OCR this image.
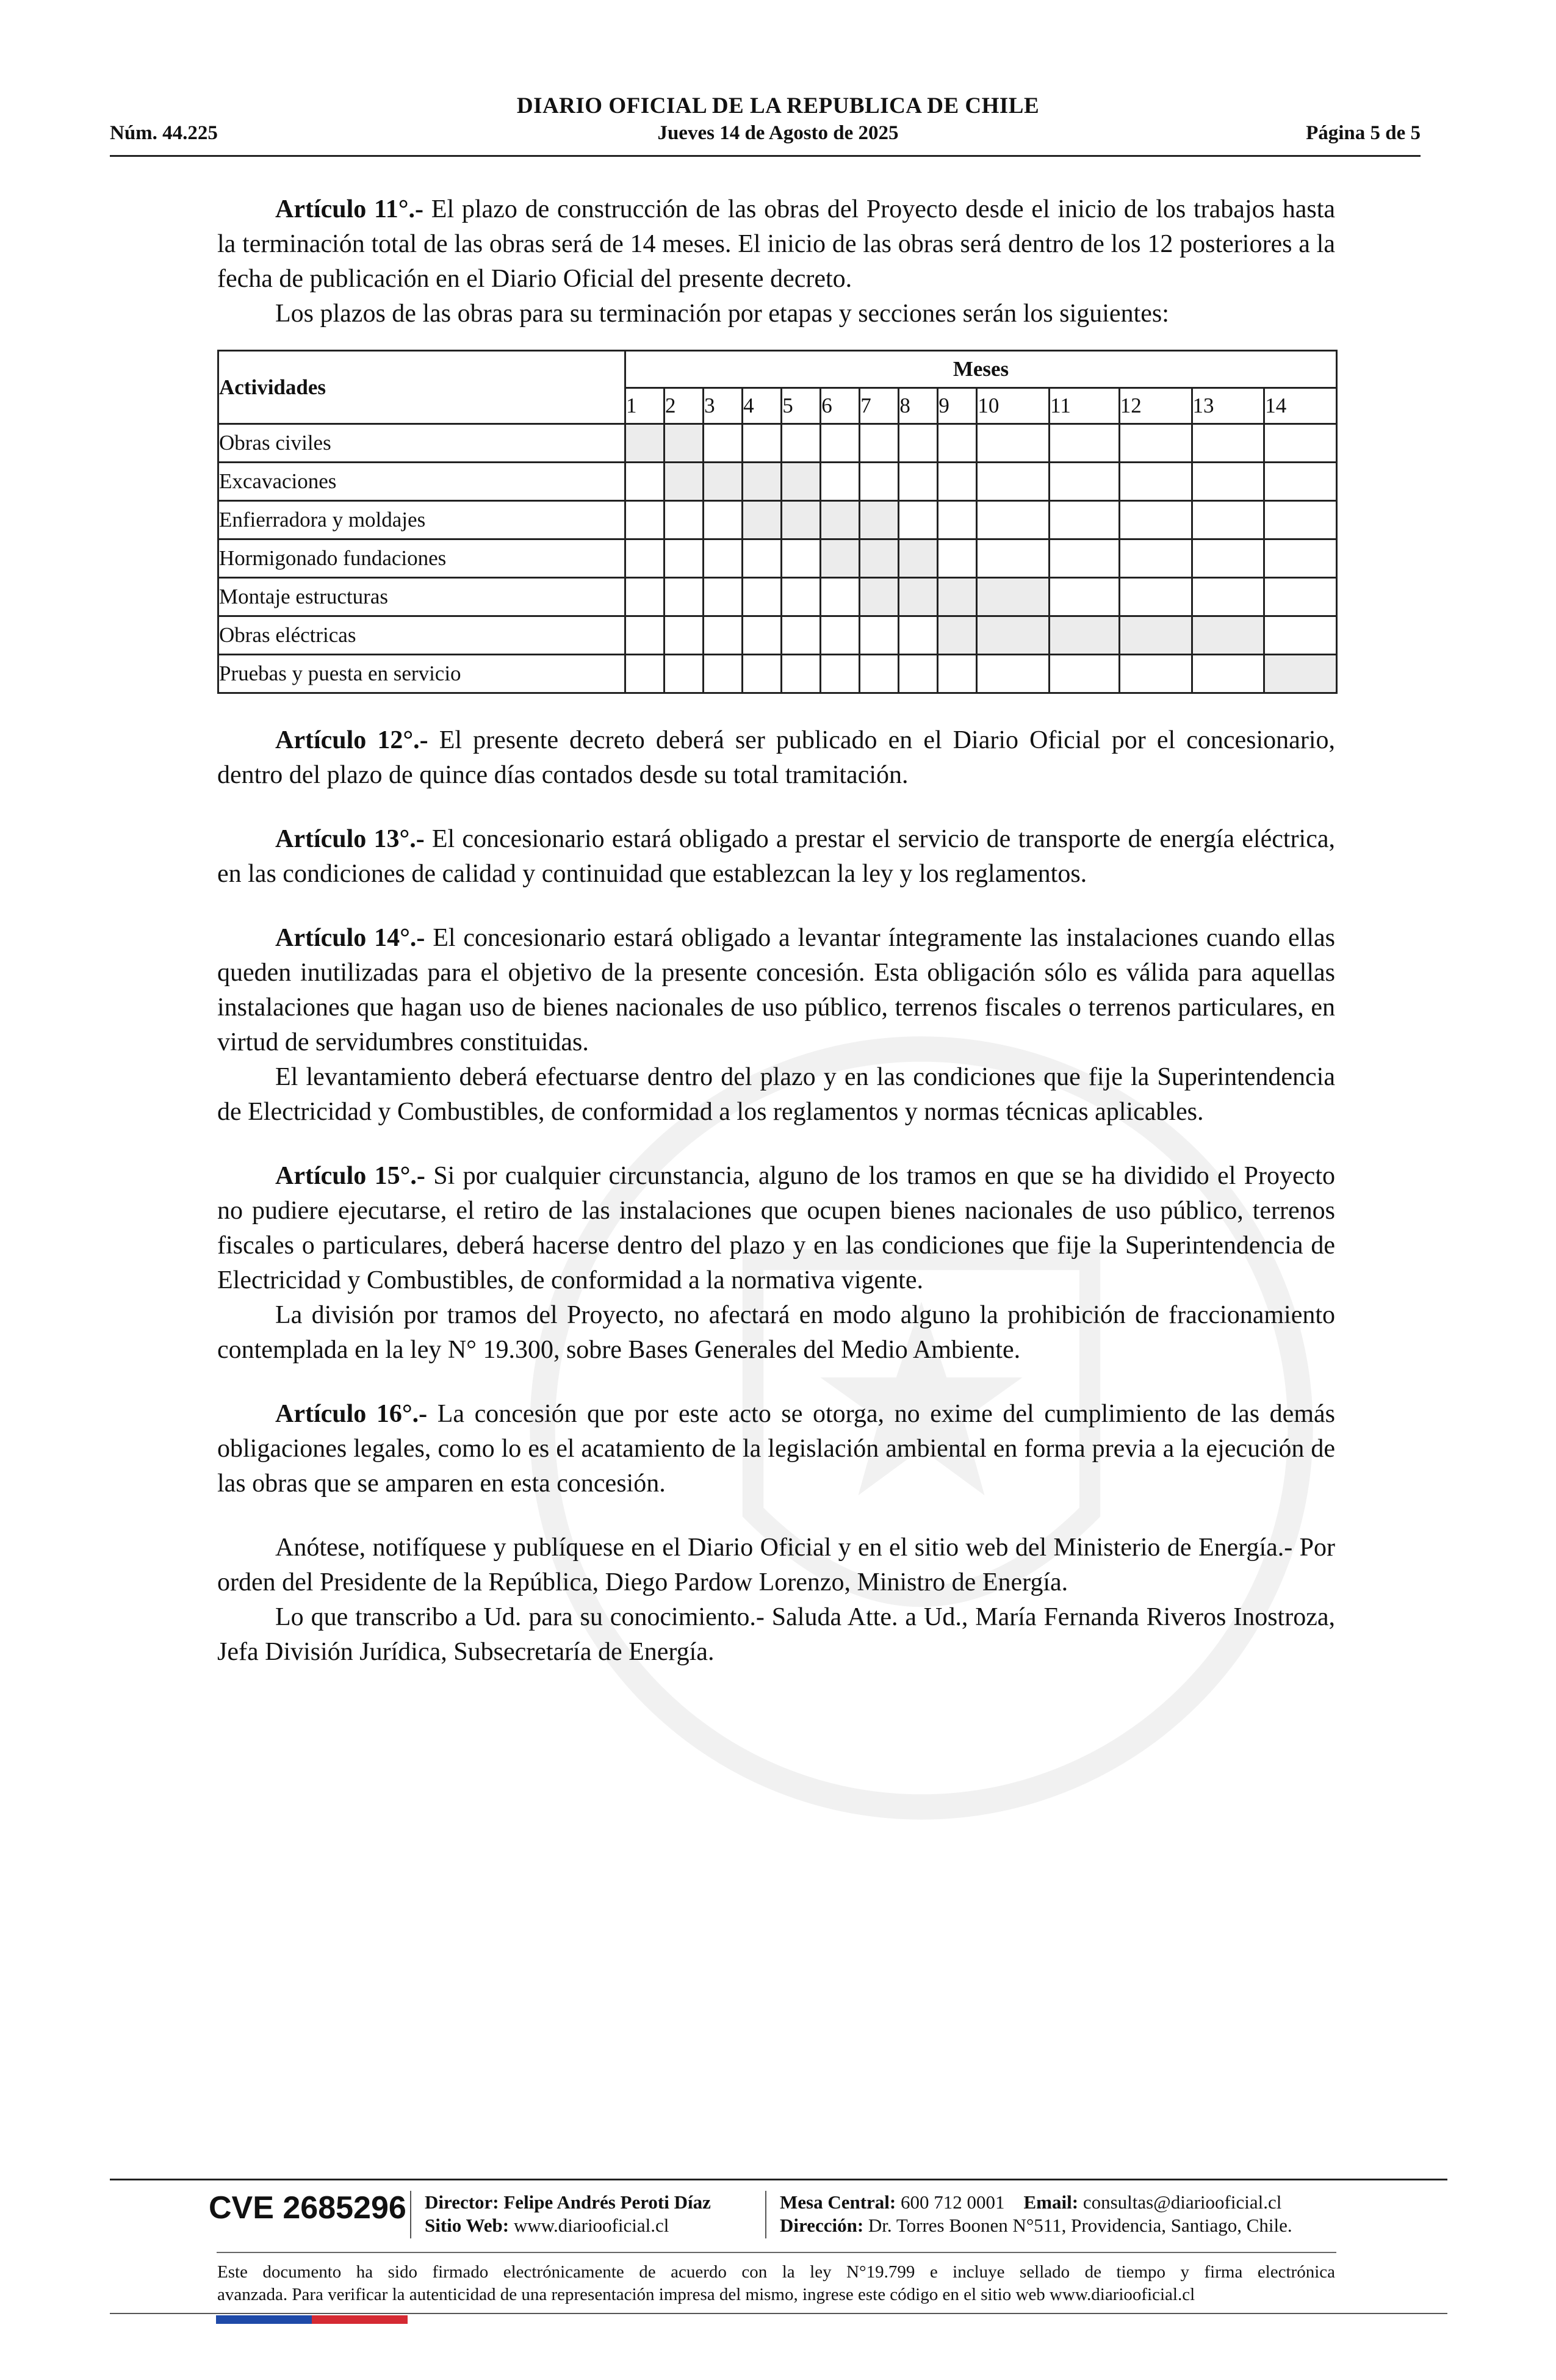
DIARIO OFICIAL DE LA REPUBLICA DE CHILE
Núm. 44.225	Jueves 14 de Agosto de 2025	Página 5 de 5

Artículo 11°.- El plazo de construcción de las obras del Proyecto desde el inicio de los trabajos hasta la terminación total de las obras será de 14 meses. El inicio de las obras será dentro de los 12 posteriores a la fecha de publicación en el Diario Oficial del presente decreto.

Los plazos de las obras para su terminación por etapas y secciones serán los siguientes:

Actividades	Meses													
	1	2	3	4	5	6	7	8	9	10	11	12	13	14
Obras civiles														
Excavaciones														
Enfierradora y moldajes														
Hormigonado fundaciones														
Montaje estructuras														
Obras eléctricas														
Pruebas y puesta en servicio														

Artículo 12°.- El presente decreto deberá ser publicado en el Diario Oficial por el concesionario, dentro del plazo de quince días contados desde su total tramitación.

Artículo 13°.- El concesionario estará obligado a prestar el servicio de transporte de energía eléctrica, en las condiciones de calidad y continuidad que establezcan la ley y los reglamentos.

Artículo 14°.- El concesionario estará obligado a levantar íntegramente las instalaciones cuando ellas queden inutilizadas para el objetivo de la presente concesión. Esta obligación sólo es válida para aquellas instalaciones que hagan uso de bienes nacionales de uso público, terrenos fiscales o terrenos particulares, en virtud de servidumbres constituidas.

El levantamiento deberá efectuarse dentro del plazo y en las condiciones que fije la Superintendencia de Electricidad y Combustibles, de conformidad a los reglamentos y normas técnicas aplicables.

Artículo 15°.- Si por cualquier circunstancia, alguno de los tramos en que se ha dividido el Proyecto no pudiere ejecutarse, el retiro de las instalaciones que ocupen bienes nacionales de uso público, terrenos fiscales o particulares, deberá hacerse dentro del plazo y en las condiciones que fije la Superintendencia de Electricidad y Combustibles, de conformidad a la normativa vigente.

La división por tramos del Proyecto, no afectará en modo alguno la prohibición de fraccionamiento contemplada en la ley N° 19.300, sobre Bases Generales del Medio Ambiente.

Artículo 16°.- La concesión que por este acto se otorga, no exime del cumplimiento de las demás obligaciones legales, como lo es el acatamiento de la legislación ambiental en forma previa a la ejecución de las obras que se amparen en esta concesión.

Anótese, notifíquese y publíquese en el Diario Oficial y en el sitio web del Ministerio de Energía.- Por orden del Presidente de la República, Diego Pardow Lorenzo, Ministro de Energía.

Lo que transcribo a Ud. para su conocimiento.- Saluda Atte. a Ud., María Fernanda Riveros Inostroza, Jefa División Jurídica, Subsecretaría de Energía.

CVE 2685296 Director: Felipe Andrés Peroti Díaz
Sitio Web: www.diariooficial.cl
Mesa Central: 600 712 0001 Email: consultas@diariooficial.cl
Dirección: Dr. Torres Boonen N°511, Providencia, Santiago, Chile.
Este documento ha sido firmado electrónicamente de acuerdo con la ley N°19.799 e incluye sellado de tiempo y firma electrónica
avanzada. Para verificar la autenticidad de una representación impresa del mismo, ingrese este código en el sitio web www.diariooficial.cl
